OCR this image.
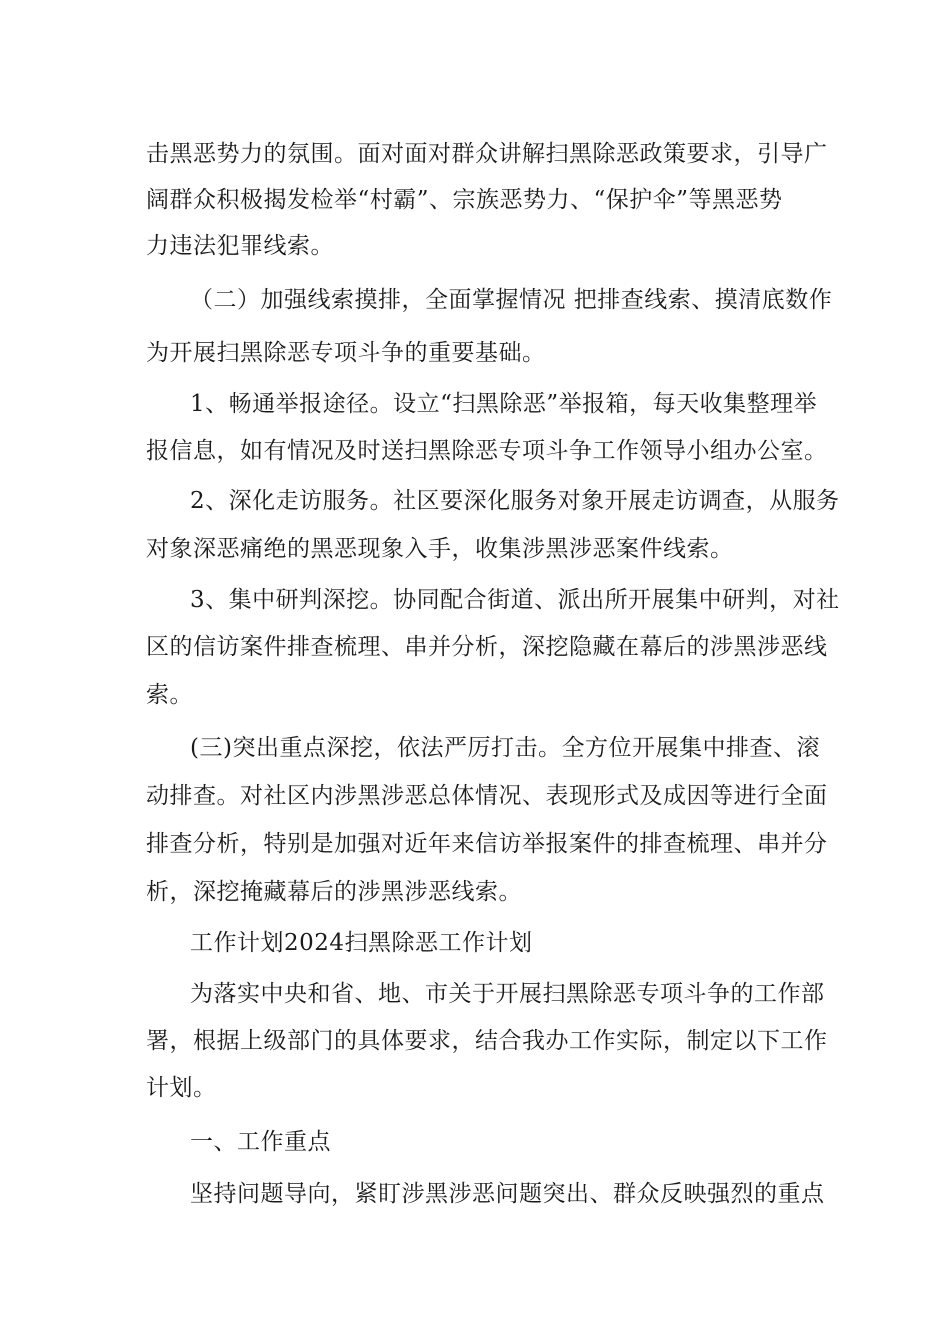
击黑恶势力的氛围。面对面对群众讲解扫黑除恶政策要求，引导广
阔群众积极揭发检举“村霸”、宗族恶势力、“保护伞”等黑恶势
力违法犯罪线索。
（二）加强线索摸排，全面掌握情况 把排查线索、摸清底数作
为开展扫黑除恶专项斗争的重要基础。
1、畅通举报途径。设立“扫黑除恶”举报箱，每天收集整理举
报信息，如有情况及时送扫黑除恶专项斗争工作领导小组办公室。
2、深化走访服务。社区要深化服务对象开展走访调查，从服务
对象深恶痛绝的黑恶现象入手，收集涉黑涉恶案件线索。
3、集中研判深挖。协同配合街道、派出所开展集中研判，对社
区的信访案件排查梳理、串并分析，深挖隐藏在幕后的涉黑涉恶线
索。
(三)突出重点深挖，依法严厉打击。全方位开展集中排查、滚
动排查。对社区内涉黑涉恶总体情况、表现形式及成因等进行全面
排查分析，特别是加强对近年来信访举报案件的排查梳理、串并分
析，深挖掩藏幕后的涉黑涉恶线索。
工作计划2024扫黑除恶工作计划
为落实中央和省、地、市关于开展扫黑除恶专项斗争的工作部
署，根据上级部门的具体要求，结合我办工作实际，制定以下工作
计划。
一、工作重点
坚持问题导向，紧盯涉黑涉恶问题突出、群众反映强烈的重点
